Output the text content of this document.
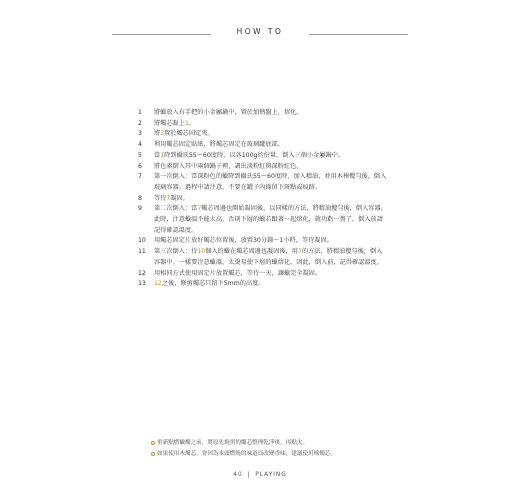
HOW TO
1	將蠟放入有手把的小金屬鍋中，置於加熱盤上，熔化。
2	將燭芯黏上1。
3	將2置於燭芯固定夾。
4	利用燭芯固定貼紙，將燭芯固定在玻璃罐底部。
5	當1降到攝氏55～60度時，以各100g的份量，倒入三個小金屬鍋中。
6	將色素倒入其中兩個鍋子裡，調出淡粉紅與深粉紅色。
7	第一次倒入：當深粉色的蠟降到攝氏55～60度時，加入精油，並用木棒攪勻後，倒入玻璃容器。過程中請注意，不要在罐子內緣留下斑點或痕跡。
8	等待7凝固。
9	第二次倒入：當7燭芯周邊也開始凝固後，以同樣的方法，將精油攪勻後，倒入容器。此時，注意蠟溫不能太高，否則下層的蠟若跟著一起熔化，就功虧一簣了。倒入前請記得確認溫度。
10	用燭芯固定片放好燭芯位置後，放置30分鐘～1小時，等待凝固。
11	第三次倒入：待10個入的蠟在燭芯周邊也凝固後，用7的方法，將精油攪勻後，倒入容器中。一樣要注意蠟溫，太燙易使下層的蠟熔化，因此，倒入前，記得確認溫度。
12	用相同方式使用固定片放置燭芯，等待一天，讓蠟完全凝固。
13	12之後，修剪燭芯只留下5mm的高度。
重新點燃蠟燭之前，將原先燒黑的燭芯整理乾淨後，再點火。
如果使用木燭芯，會因為木頭燃燒的味道而改變香味，建議使用棉燭芯。
40 | PLAYING
